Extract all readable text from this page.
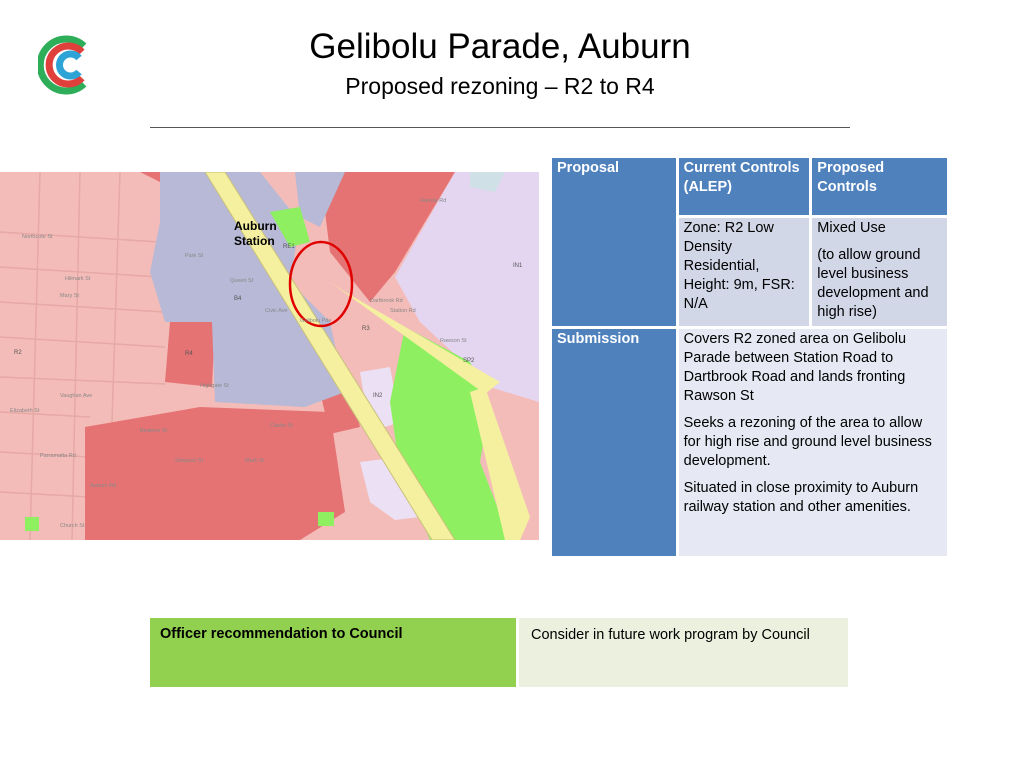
Gelibolu Parade, Auburn
Proposed rezoning – R2 to R4
R2	R4
B4
RE1
SP2
IN1
IN2
R3
Northcote St
Hilmark St
Mary St
Park St
Queen St
Civic Ave
Dartbrook Rd
Gelibolu Pde
Station Rd
Rawson St
Harrow Rd
Highgate St
Vaughan Ave
Elizabeth St
Parramatta Rd
Auburn Rd
Beatrice St
Simpson St	Mark St
Clarke St
Church St
Auburn
Station
Proposal	Current Controls (ALEP)	Proposed Controls
	Zone: R2 Low Density Residential, Height: 9m, FSR: N/A	Mixed Use

(to allow ground level business development and high rise)

Submission	Covers R2 zoned area on Gelibolu Parade between Station Road to Dartbrook Road and lands fronting Rawson St

Seeks a rezoning of the area to allow for high rise and ground level business development.

Situated in close proximity to Auburn railway station and other amenities.	

Officer recommendation to Council	Consider in future work program by Council
